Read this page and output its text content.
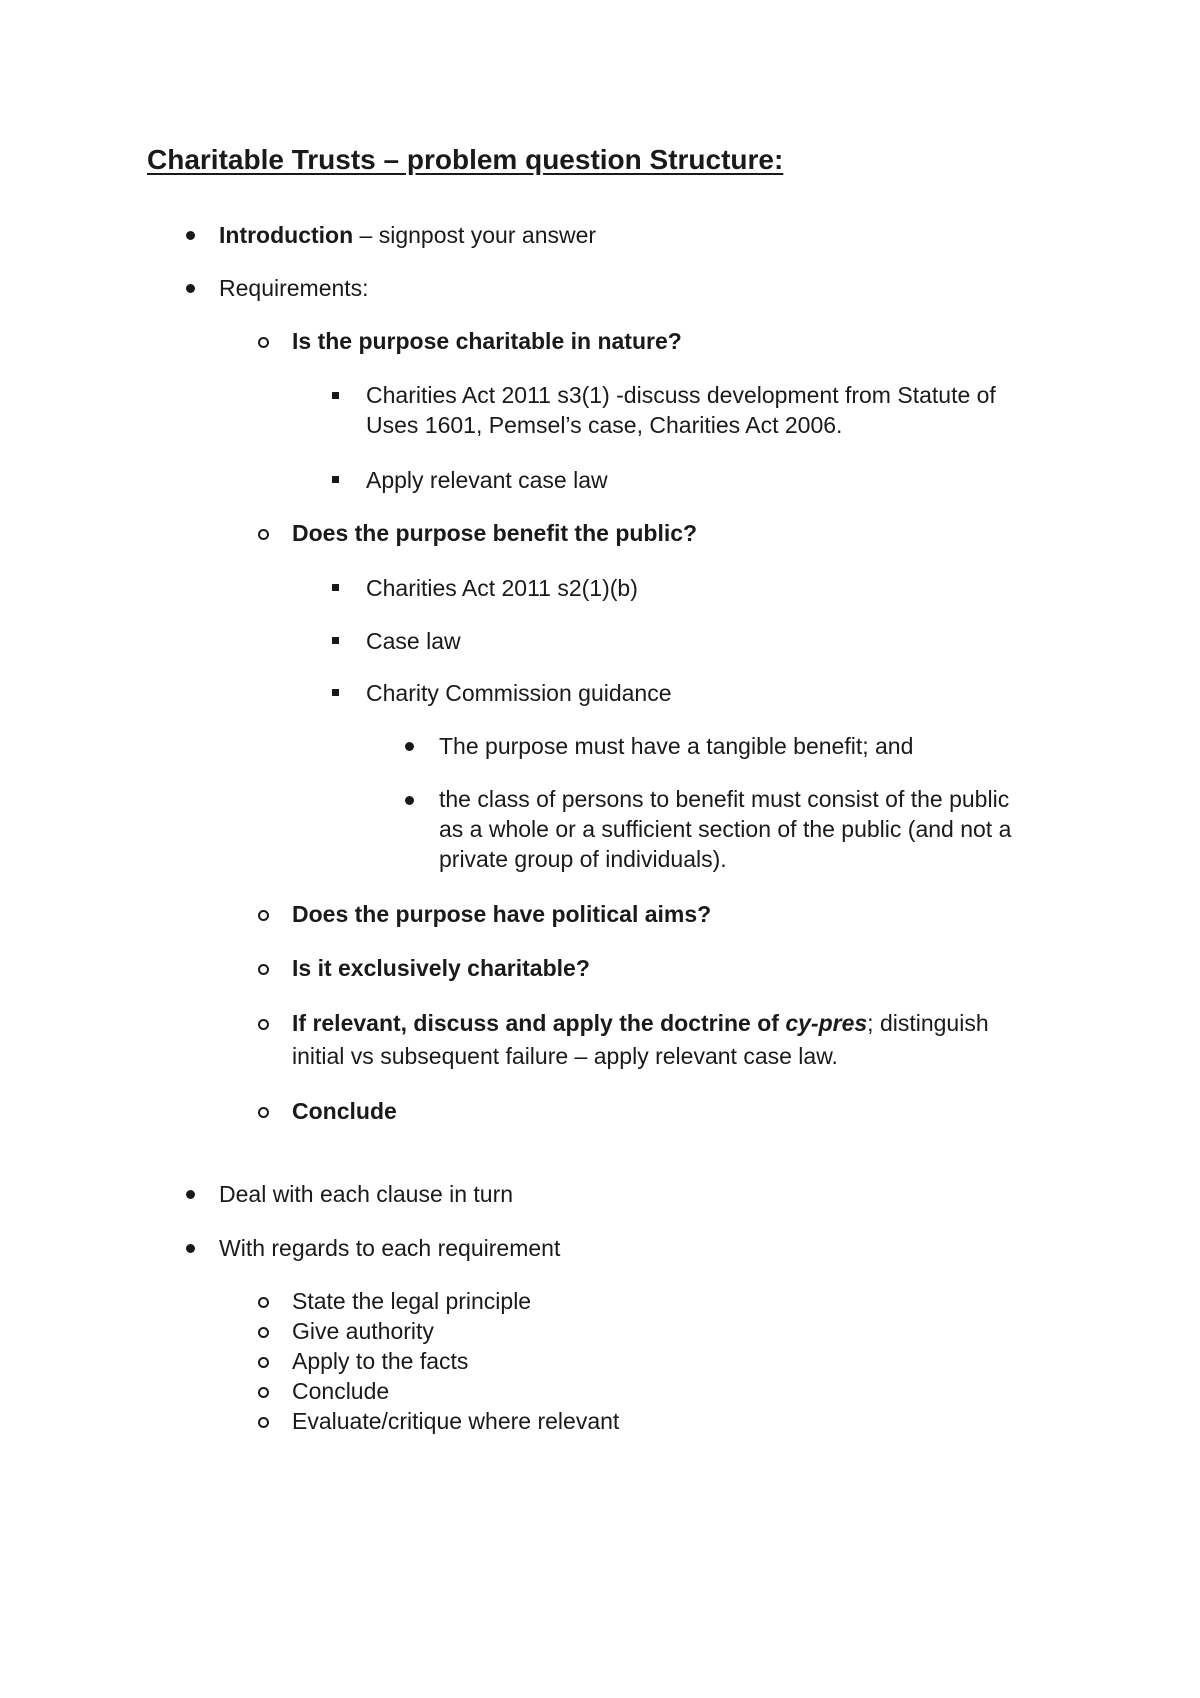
Charitable Trusts – problem question Structure:
Introduction – signpost your answer
Requirements:
Is the purpose charitable in nature?
Charities Act 2011 s3(1) -discuss development from Statute of
Uses 1601, Pemsel’s case, Charities Act 2006.
Apply relevant case law
Does the purpose benefit the public?
Charities Act 2011 s2(1)(b)
Case law
Charity Commission guidance
The purpose must have a tangible benefit; and
the class of persons to benefit must consist of the public
as a whole or a sufficient section of the public (and not a
private group of individuals).
Does the purpose have political aims?
Is it exclusively charitable?
If relevant, discuss and apply the doctrine of cy-pres; distinguish
initial vs subsequent failure – apply relevant case law.
Conclude
Deal with each clause in turn
With regards to each requirement
State the legal principle
Give authority
Apply to the facts
Conclude
Evaluate/critique where relevant
